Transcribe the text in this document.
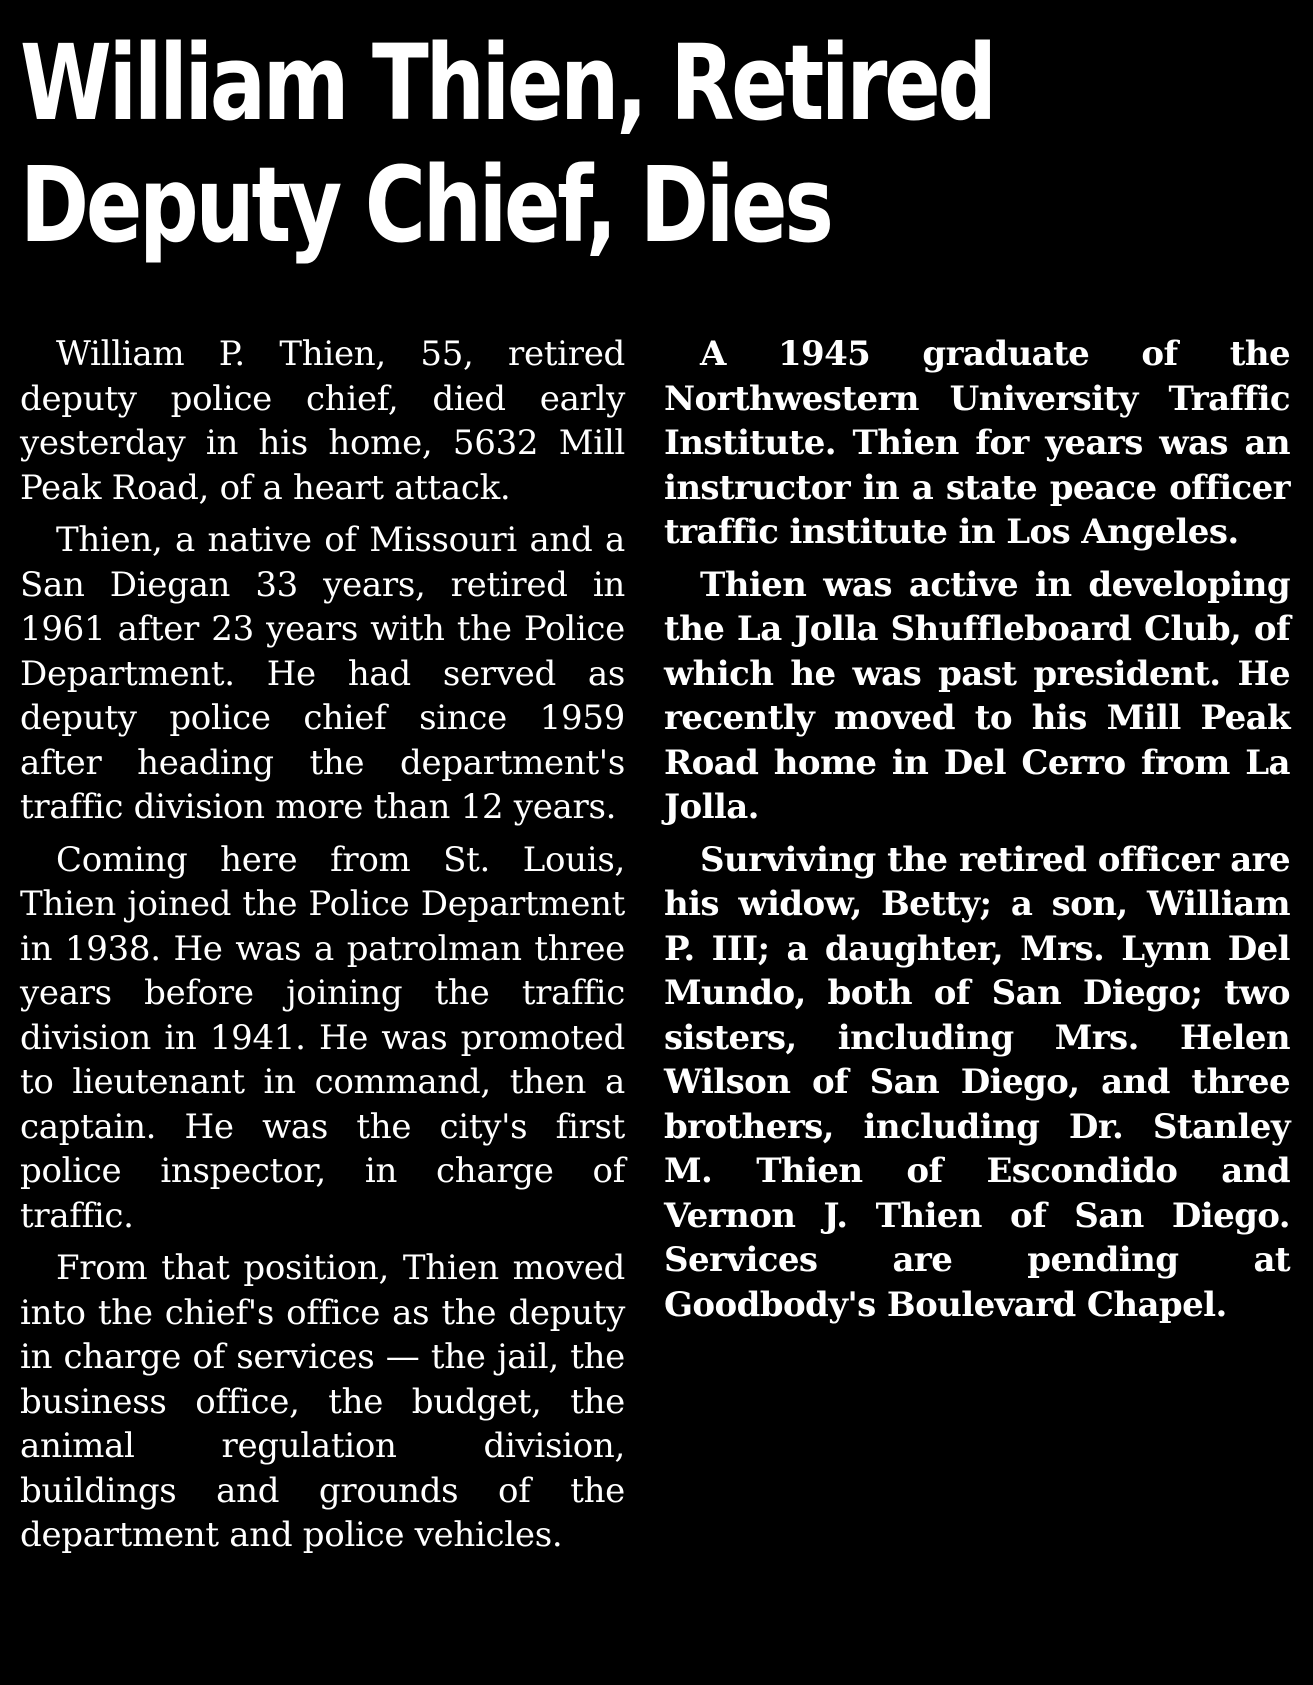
William Thien, Retired Deputy Chief, Dies

William P. Thien, 55, retired deputy police chief, died early yesterday in his home, 5632 Mill Peak Road, of a heart attack.

Thien, a native of Missouri and a San Diegan 33 years, retired in 1961 after 23 years with the Police Department. He had served as deputy police chief since 1959 after heading the department's traffic division more than 12 years.

Coming here from St. Louis, Thien joined the Police Department in 1938. He was a patrolman three years before joining the traffic division in 1941. He was promoted to lieutenant in command, then a captain. He was the city's first police inspector, in charge of traffic.

From that position, Thien moved into the chief's office as the deputy in charge of services — the jail, the business office, the budget, the animal regulation division, buildings and grounds of the department and police vehicles.

A 1945 graduate of the Northwestern University Traffic Institute. Thien for years was an instructor in a state peace officer traffic institute in Los Angeles.

Thien was active in developing the La Jolla Shuffleboard Club, of which he was past president. He recently moved to his Mill Peak Road home in Del Cerro from La Jolla.

Surviving the retired officer are his widow, Betty; a son, William P. III; a daughter, Mrs. Lynn Del Mundo, both of San Diego; two sisters, including Mrs. Helen Wilson of San Diego, and three brothers, including Dr. Stanley M. Thien of Escondido and Vernon J. Thien of San Diego. Services are pending at Goodbody's Boulevard Chapel.
